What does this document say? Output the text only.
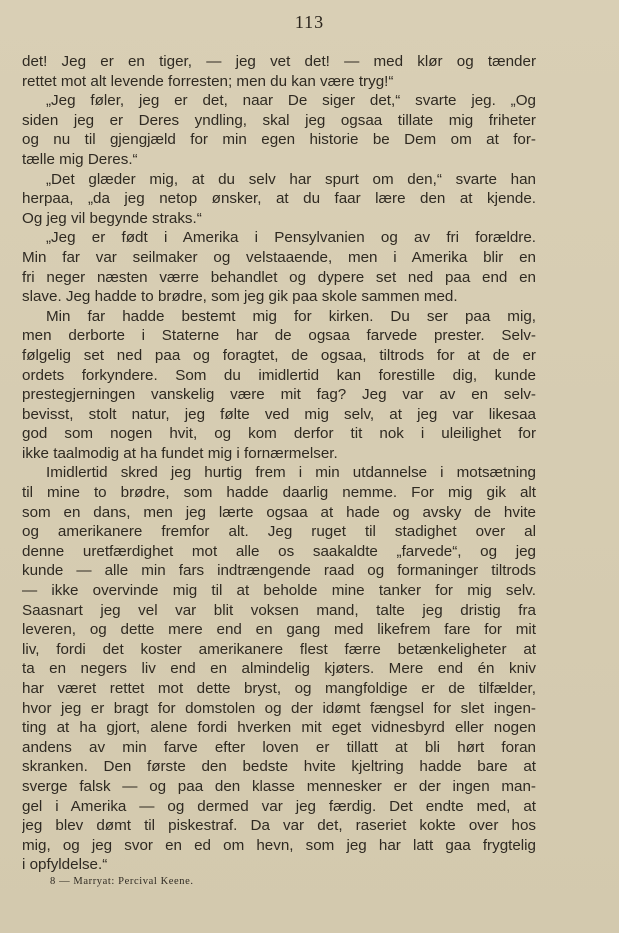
113
det! Jeg er en tiger, — jeg vet det! — med klør og tænder
rettet mot alt levende forresten; men du kan være tryg!“
„Jeg føler, jeg er det, naar De siger det,“ svarte jeg. „Og
siden jeg er Deres yndling, skal jeg ogsaa tillate mig friheter
og nu til gjengjæld for min egen historie be Dem om at for-
tælle mig Deres.“
„Det glæder mig, at du selv har spurt om den,“ svarte han
herpaa, „da jeg netop ønsker, at du faar lære den at kjende.
Og jeg vil begynde straks.“
„Jeg er født i Amerika i Pensylvanien og av fri forældre.
Min far var seilmaker og velstaaende, men i Amerika blir en
fri neger næsten værre behandlet og dypere set ned paa end en
slave. Jeg hadde to brødre, som jeg gik paa skole sammen med.
Min far hadde bestemt mig for kirken. Du ser paa mig,
men derborte i Staterne har de ogsaa farvede prester. Selv-
følgelig set ned paa og foragtet, de ogsaa, tiltrods for at de er
ordets forkyndere. Som du imidlertid kan forestille dig, kunde
prestegjerningen vanskelig være mit fag? Jeg var av en selv-
bevisst, stolt natur, jeg følte ved mig selv, at jeg var likesaa
god som nogen hvit, og kom derfor tit nok i uleilighet for
ikke taalmodig at ha fundet mig i fornærmelser.
Imidlertid skred jeg hurtig frem i min utdannelse i motsætning
til mine to brødre, som hadde daarlig nemme. For mig gik alt
som en dans, men jeg lærte ogsaa at hade og avsky de hvite
og amerikanere fremfor alt. Jeg ruget til stadighet over al
denne uretfærdighet mot alle os saakaldte „farvede“, og jeg
kunde — alle min fars indtrængende raad og formaninger tiltrods
— ikke overvinde mig til at beholde mine tanker for mig selv.
Saasnart jeg vel var blit voksen mand, talte jeg dristig fra
leveren, og dette mere end en gang med likefrem fare for mit
liv, fordi det koster amerikanere flest færre betænkeligheter at
ta en negers liv end en almindelig kjøters. Mere end én kniv
har været rettet mot dette bryst, og mangfoldige er de tilfælder,
hvor jeg er bragt for domstolen og der idømt fængsel for slet ingen-
ting at ha gjort, alene fordi hverken mit eget vidnesbyrd eller nogen
andens av min farve efter loven er tillatt at bli hørt foran
skranken. Den første den bedste hvite kjeltring hadde bare at
sverge falsk — og paa den klasse mennesker er der ingen man-
gel i Amerika — og dermed var jeg færdig. Det endte med, at
jeg blev dømt til piskestraf. Da var det, raseriet kokte over hos
mig, og jeg svor en ed om hevn, som jeg har latt gaa frygtelig
i opfyldelse.“
8 — Marryat: Percival Keene.
